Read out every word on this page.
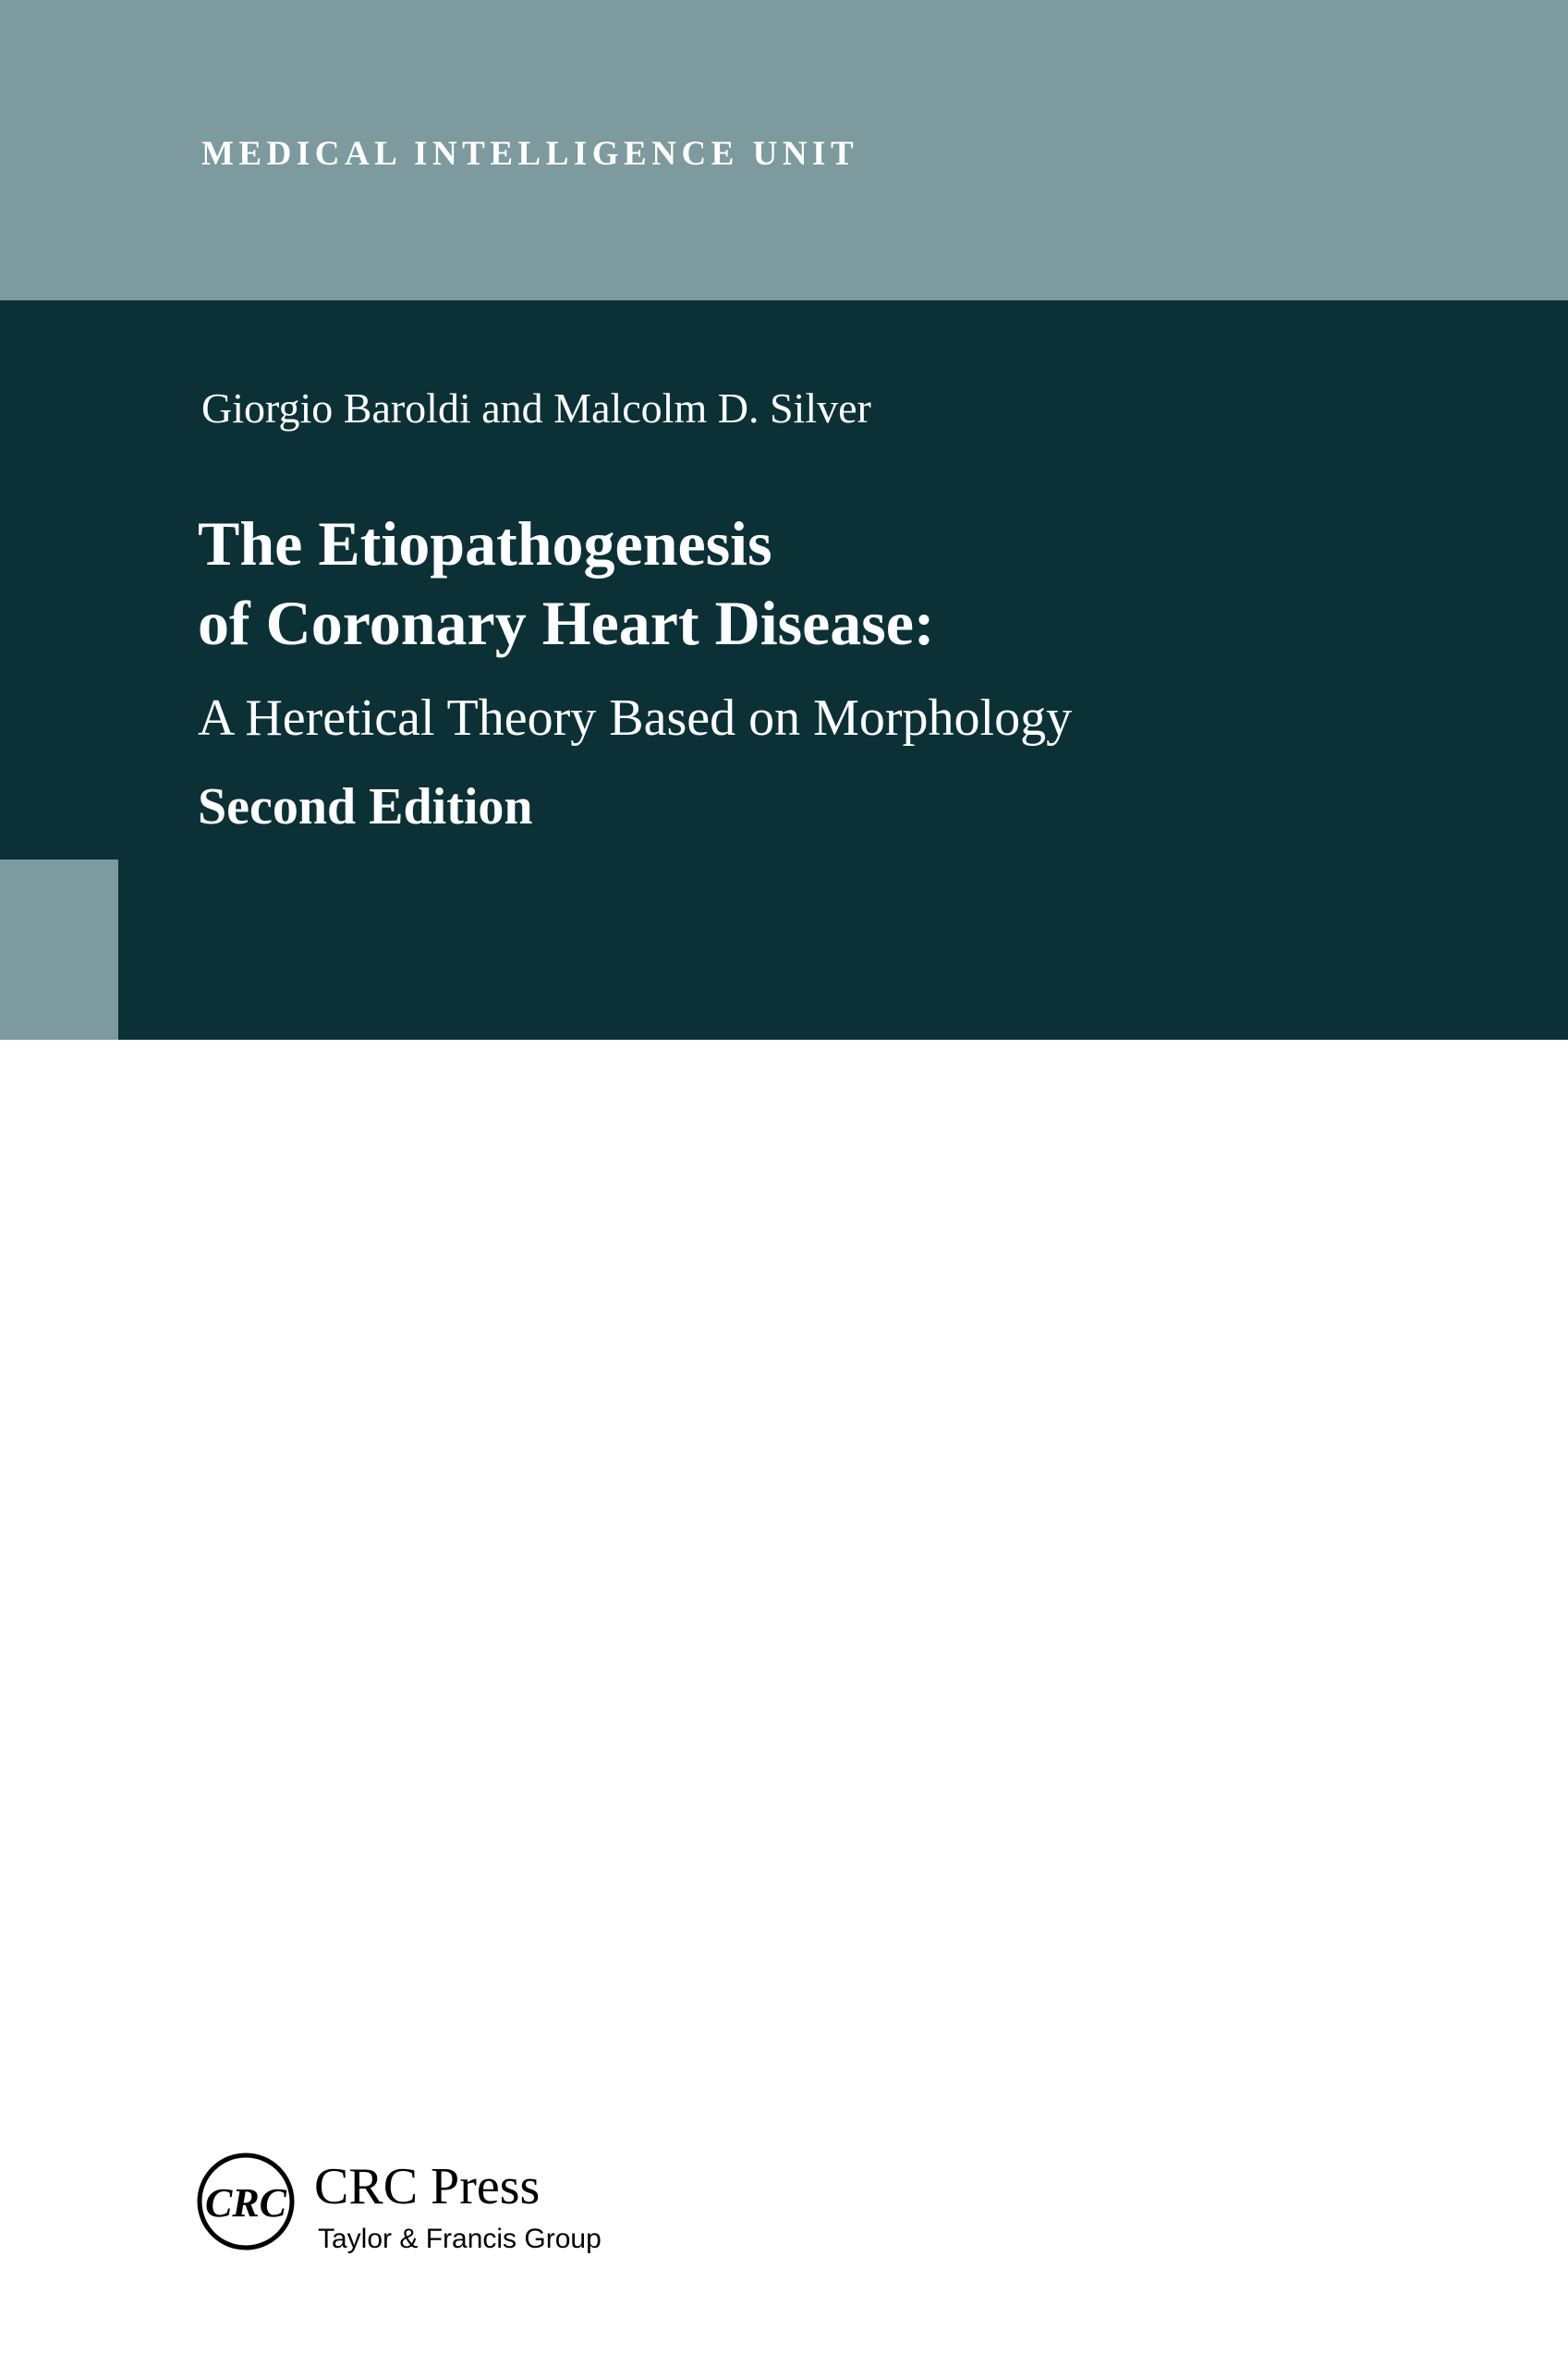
MEDICAL INTELLIGENCE UNIT
Giorgio Baroldi and Malcolm D. Silver
The Etiopathogenesis
of Coronary Heart Disease:
A Heretical Theory Based on Morphology
Second Edition
CRC CRC Press
Taylor & Francis Group
